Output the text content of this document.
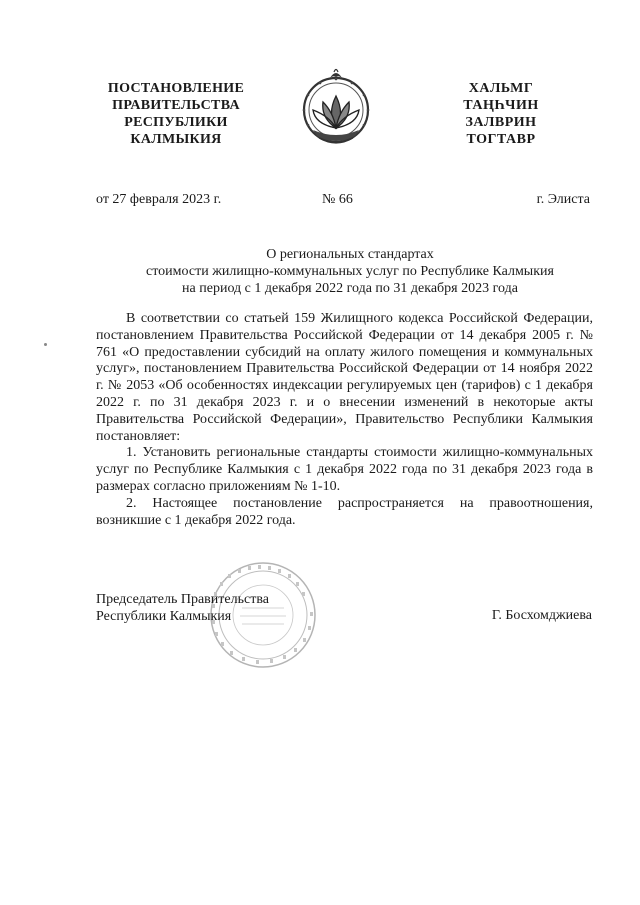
ПОСТАНОВЛЕНИЕ
ПРАВИТЕЛЬСТВА
РЕСПУБЛИКИ
КАЛМЫКИЯ
ХАЛЬМГ
ТАҢҺЧИН
ЗАЛВРИН
ТОГТАВР
от 27 февраля 2023 г.	№ 66	г. Элиста
О региональных стандартах
стоимости жилищно-коммунальных услуг по Республике Калмыкия
на период с 1 декабря 2022 года по 31 декабря 2023 года

В соответствии со статьей 159 Жилищного кодекса Российской Федерации, постановлением Правительства Российской Федерации от 14 декабря 2005 г. № 761 «О предоставлении субсидий на оплату жилого помещения и коммунальных услуг», постановлением Правительства Российской Федерации от 14 ноября 2022 г. № 2053 «Об особенностях индексации регулируемых цен (тарифов) с 1 декабря 2022 г. по 31 декабря 2023 г. и о внесении изменений в некоторые акты Правительства Российской Федерации», Правительство Республики Калмыкия постановляет:

1. Установить региональные стандарты стоимости жилищно-коммунальных услуг по Республике Калмыкия с 1 декабря 2022 года по 31 декабря 2023 года в размерах согласно приложениям № 1-10.

2. Настоящее постановление распространяется на правоотношения, возникшие с 1 декабря 2022 года.

Председатель Правительства
Республики Калмыкия	Г. Босхомджиева
